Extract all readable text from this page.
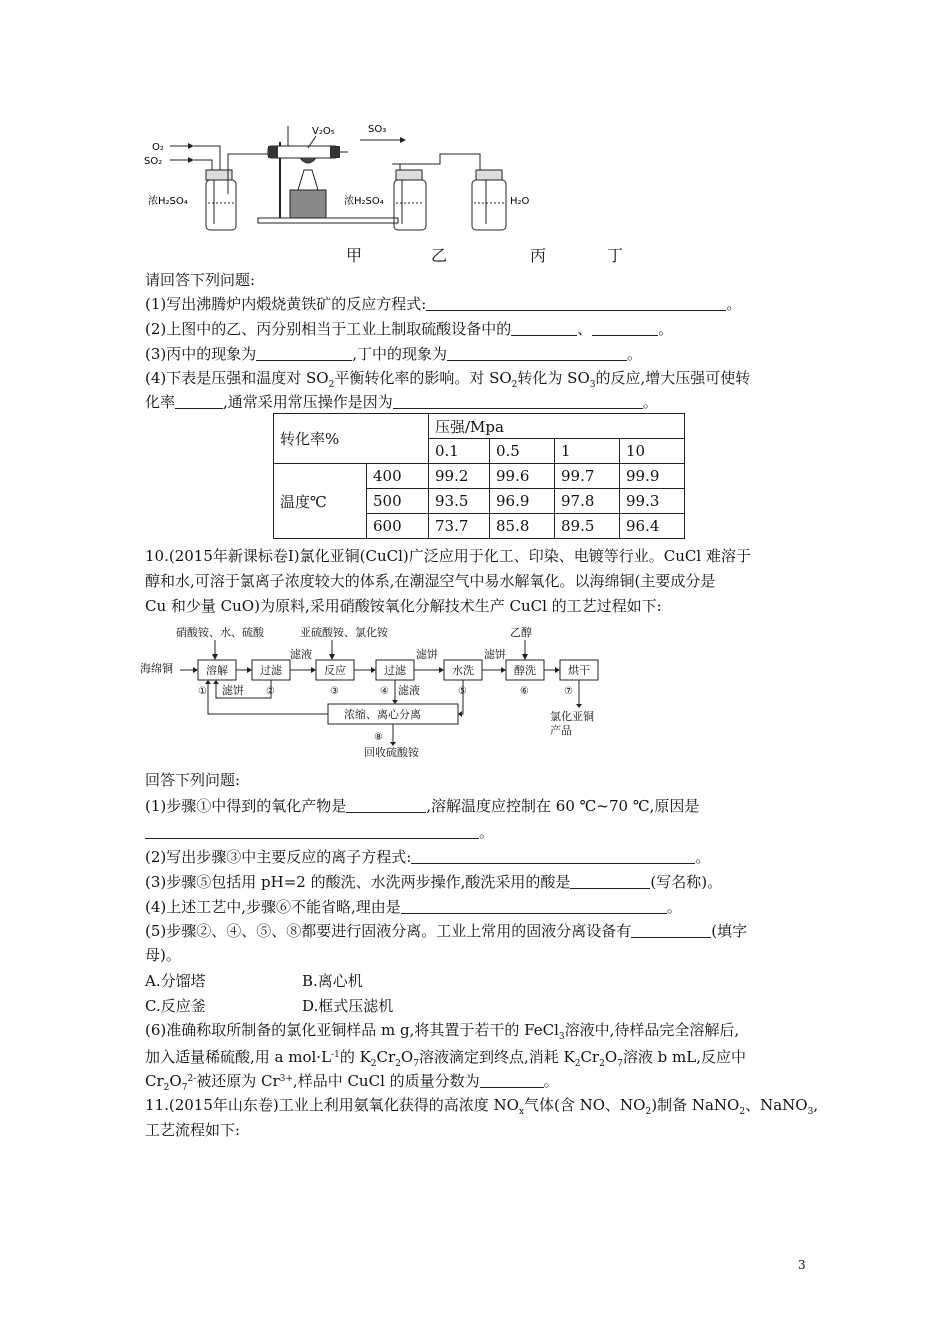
O₂
SO₂
浓H₂SO₄
V₂O₅	SO₃
浓H₂SO₄	H₂O
甲	乙	丙	丁
请回答下列问题:
(1)写出沸腾炉内煅烧黄铁矿的反应方程式:	。
(2)上图中的乙、丙分别相当于工业上制取硫酸设备中的	、	。
(3)丙中的现象为	,丁中的现象为	。
(4)下表是压强和温度对 $SO_2$平衡转化率的影响。对 $SO_2$转化为 $SO_3$的反应,增大压强可使转
化率	,通常采用常压操作是因为	。
转化率%		压强/Mpa			
		0.1	0.5	1	10
温度℃	400	99.2	99.6	99.7	99.9
	500	93.5	96.9	97.8	99.3
	600	73.7	85.8	89.5	96.4
10.(2015年新课标卷Ⅰ)氯化亚铜(CuCl)广泛应用于化工、印染、电镀等行业。CuCl 难溶于
醇和水,可溶于氯离子浓度较大的体系,在潮湿空气中易水解氧化。以海绵铜(主要成分是
Cu 和少量 CuO)为原料,采用硝酸铵氧化分解技术生产 CuCl 的工艺过程如下:
硝酸铵、水、硫酸	亚硫酸铵、氯化铵	乙醇
海绵铜	溶解	过滤	反应	过滤	水洗	醇洗	烘干
浓缩、离心分离
滤液	滤饼	滤饼
滤饼	滤液
回收硫酸铵
氯化亚铜
产品
①	②	③	④	⑤	⑥	⑦
⑧
回答下列问题:
(1)步骤①中得到的氧化产物是	,溶解温度应控制在 60 ℃~70 ℃,原因是
。
(2)写出步骤③中主要反应的离子方程式:	。
(3)步骤⑤包括用 pH=2 的酸洗、水洗两步操作,酸洗采用的酸是	(写名称)。
(4)上述工艺中,步骤⑥不能省略,理由是	。
(5)步骤②、④、⑤、⑧都要进行固液分离。工业上常用的固液分离设备有	(填字
母)。
A.分馏塔	B.离心机
C.反应釜	D.框式压滤机
(6)准确称取所制备的氯化亚铜样品 m g,将其置于若干的 FeCl$_3$溶液中,待样品完全溶解后,
加入适量稀硫酸,用 a $mol\cdot L^{-1}$的 $K_2Cr_2O_7$溶液滴定到终点,消耗 $K_2Cr_2O_7$溶液 b mL,反应中
$Cr_2O_7^{2-}$被还原为 $Cr^{3+}$,样品中 CuCl 的质量分数为	。
11.(2015年山东卷)工业上利用氨氧化获得的高浓度 $NO_x$气体(含 NO、$NO_2$)制备 NaNO$_2$、NaNO$_3$,
工艺流程如下:
3
